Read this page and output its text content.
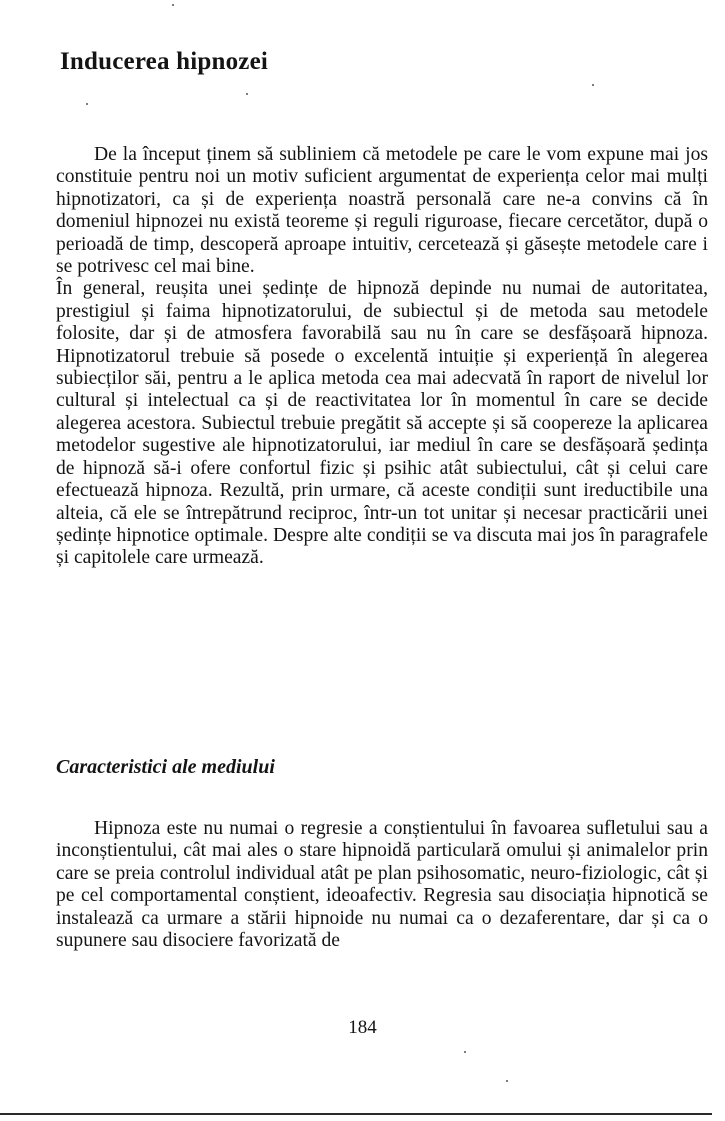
Inducerea hipnozei

De la început ținem să subliniem că metodele pe care le vom expune mai jos constituie pentru noi un motiv suficient argumentat de experiența celor mai mulți hipnotizatori, ca și de experiența noastră personală care ne-a convins că în domeniul hipnozei nu există teoreme și reguli riguroase, fiecare cercetător, după o perioadă de timp, descoperă aproape intuitiv, cercetează și găsește metodele care i se potrivesc cel mai bine.

În general, reușita unei ședințe de hipnoză depinde nu numai de autoritatea, prestigiul și faima hipnotizatorului, de subiectul și de metoda sau metodele folosite, dar și de atmosfera favorabilă sau nu în care se desfășoară hipnoza. Hipnotizatorul trebuie să posede o excelentă intuiție și experiență în alegerea subiecților săi, pentru a le aplica metoda cea mai adecvată în raport de nivelul lor cultural și intelectual ca și de reactivitatea lor în momentul în care se decide alegerea acestora. Subiectul trebuie pregătit să accepte și să coopereze la aplicarea metodelor sugestive ale hipnotizatorului, iar mediul în care se desfășoară ședința de hipnoză să-i ofere confortul fizic și psihic atât subiectului, cât și celui care efectuează hipnoza. Rezultă, prin urmare, că aceste condiții sunt ireductibile una alteia, că ele se întrepătrund reciproc, într-un tot unitar și necesar practicării unei ședințe hipnotice optimale. Despre alte condiții se va discuta mai jos în paragrafele și capitolele care urmează.

Caracteristici ale mediului

Hipnoza este nu numai o regresie a conștientului în favoarea sufletului sau a inconștientului, cât mai ales o stare hipnoidă particulară omului și animalelor prin care se preia controlul individual atât pe plan psihosomatic, neuro-fiziologic, cât și pe cel comportamental conștient, ideoafectiv. Regresia sau disociația hipnotică se instalează ca urmare a stării hipnoide nu numai ca o dezaferentare, dar și ca o supunere sau disociere favorizată de

184
